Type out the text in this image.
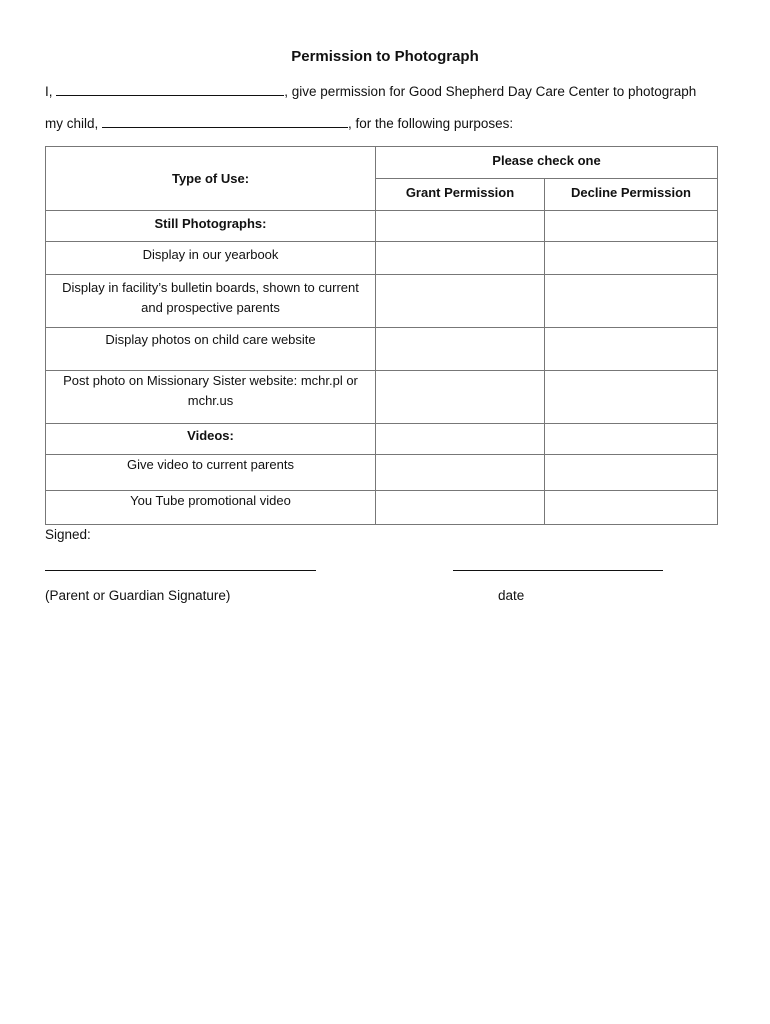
Permission to Photograph
I,	, give permission for Good Shepherd Day Care Center to photograph
my child,	, for the following purposes:
Type of Use:	Please check one	
	Grant Permission	Decline Permission

Still Photographs:		

Display in our yearbook		

Display in facility’s bulletin boards, shown to current and prospective parents		

Display photos on child care website		

Post photo on Missionary Sister website: mchr.pl or mchr.us		

Videos:		

Give video to current parents		

You Tube promotional video		

Signed:
(Parent or Guardian Signature)	date
